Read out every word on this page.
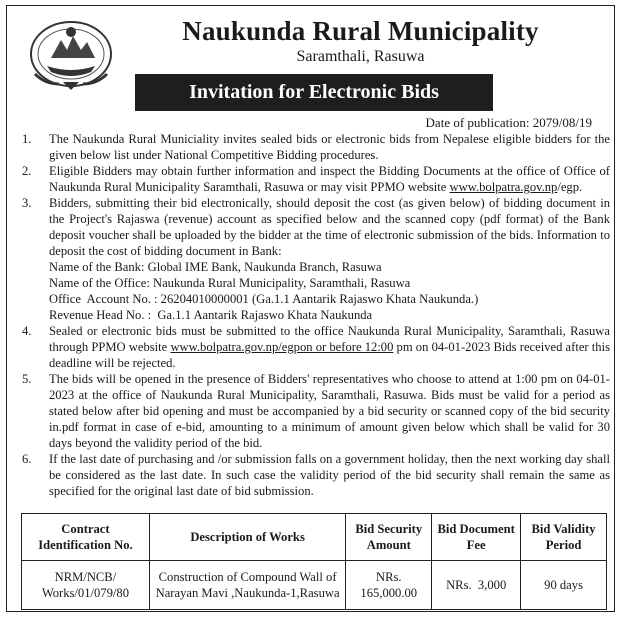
Naukunda Rural Municipality
Saramthali, Rasuwa
Invitation for Electronic Bids
Date of publication: 2079/08/19
1. The Naukunda Rural Municiality invites sealed bids or electronic bids from Nepalese eligible bidders for the given below list under National Competitive Bidding procedures.
2. Eligible Bidders may obtain further information and inspect the Bidding Documents at the office of Office of Naukunda Rural Municipality Saramthali, Rasuwa or may visit PPMO website www.bolpatra.gov.np/egp.
3. Bidders, submitting their bid electronically, should deposit the cost (as given below) of bidding document in the Project's Rajaswa (revenue) account as specified below and the scanned copy (pdf format) of the Bank deposit voucher shall be uploaded by the bidder at the time of electronic submission of the bids. Information to deposit the cost of bidding document in Bank:
Name of the Bank: Global IME Bank, Naukunda Branch, Rasuwa
Name of the Office: Naukunda Rural Municipality, Saramthali, Rasuwa
Office  Account No. : 26204010000001 (Ga.1.1 Aantarik Rajaswo Khata Naukunda.)
Revenue Head No. :  Ga.1.1 Aantarik Rajaswo Khata Naukunda
4. Sealed or electronic bids must be submitted to the office Naukunda Rural Municipality, Saramthali, Rasuwa through PPMO website www.bolpatra.gov.np/egpon or before 12:00 pm on 04-01-2023 Bids received after this deadline will be rejected.
5. The bids will be opened in the presence of Bidders' representatives who choose to attend at 1:00 pm on 04-01-2023 at the office of Naukunda Rural Municipality, Saramthali, Rasuwa. Bids must be valid for a period as stated below after bid opening and must be accompanied by a bid security or scanned copy of the bid security in.pdf format in case of e-bid, amounting to a minimum of amount given below which shall be valid for 30 days beyond the validity period of the bid.
6. If the last date of purchasing and /or submission falls on a government holiday, then the next working day shall be considered as the last date. In such case the validity period of the bid security shall remain the same as specified for the original last date of bid submission.
Contract Identification No.	Description of Works	Bid Security Amount	Bid Document Fee	Bid Validity Period
NRM/NCB/ Works/01/079/80	Construction of Compound Wall of Narayan Mavi ,Naukunda-1,Rasuwa	NRs. 165,000.00	NRs.  3,000	90 days
